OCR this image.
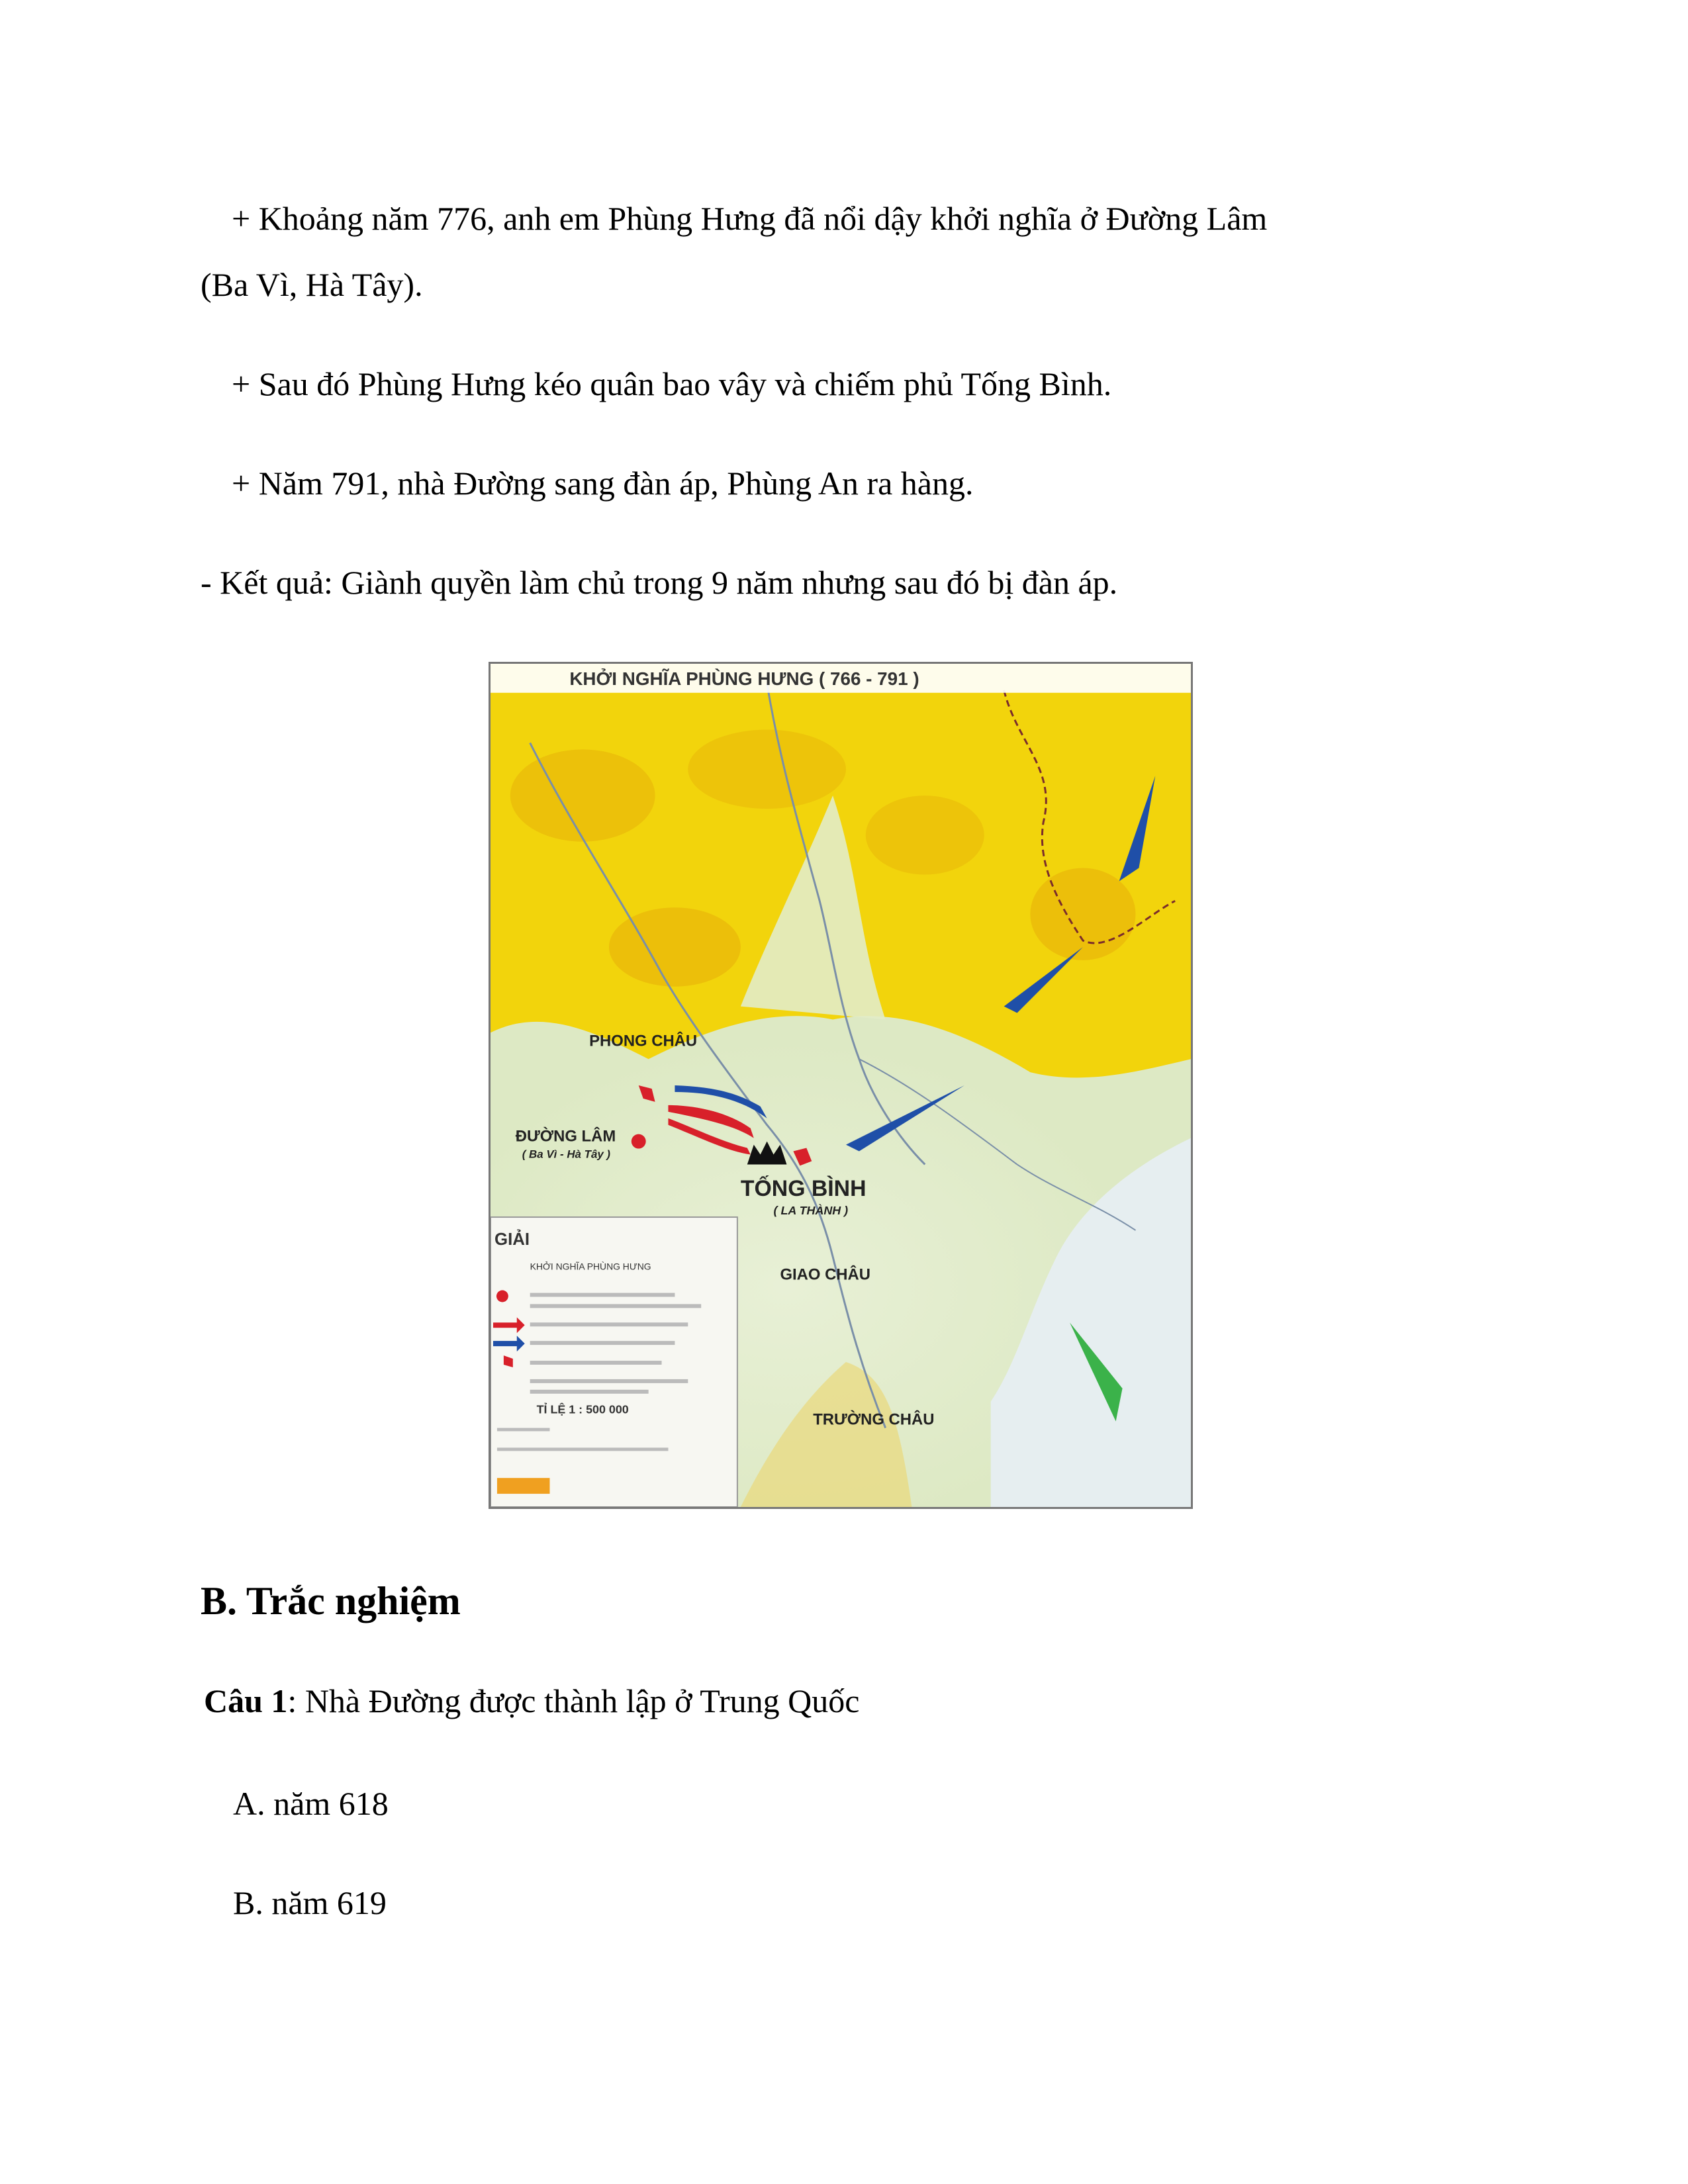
+ Khoảng năm 776, anh em Phùng Hưng đã nổi dậy khởi nghĩa ở Đường Lâm
(Ba Vì, Hà Tây).
+ Sau đó Phùng Hưng kéo quân bao vây và chiếm phủ Tống Bình.
+ Năm 791, nhà Đường sang đàn áp, Phùng An ra hàng.
- Kết quả: Giành quyền làm chủ trong 9 năm nhưng sau đó bị đàn áp.
KHỞI NGHĨA PHÙNG HƯNG ( 766 - 791 )
PHONG CHÂU
ĐƯỜNG LÂM
( Ba Vì - Hà Tây )
TỐNG BÌNH
( LA THÀNH )
GIAO CHÂU
TRƯỜNG CHÂU
GIẢI
KHỞI NGHĨA PHÙNG HƯNG
TỈ LỆ 1 : 500 000
B. Trắc nghiệm
Câu 1: Nhà Đường được thành lập ở Trung Quốc
A. năm 618
B. năm 619
